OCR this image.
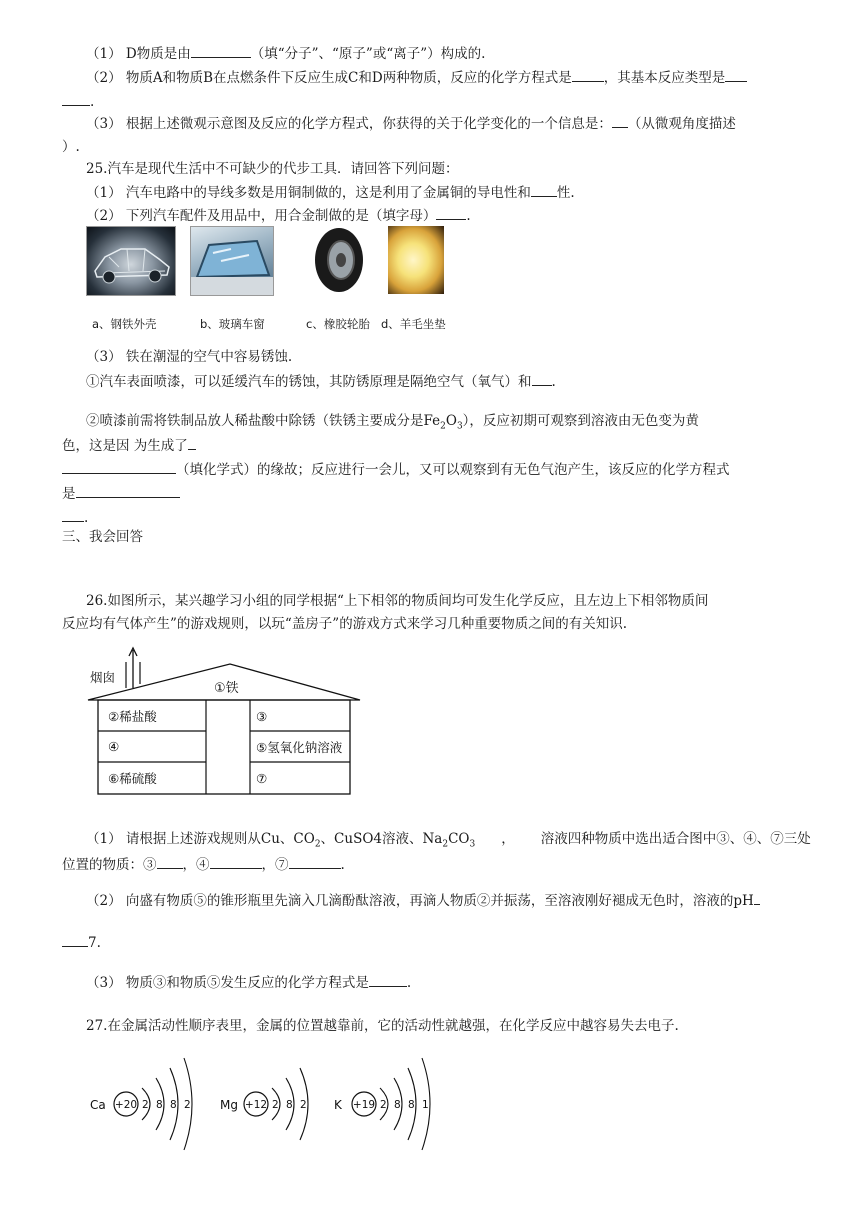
（1） D物质是由	（填“分子”、“原子”或“离子”）构成的.
（2） 物质A和物质B在点燃条件下反应生成C和D两种物质，反应的化学方程式是 ，其基本反应类型是
.
（3） 根据上述微观示意图及反应的化学方程式，你获得的关于化学变化的一个信息是： （从微观角度描述
）.
25.汽车是现代生活中不可缺少的代步工具．请回答下列问题：
（1） 汽车电路中的导线多数是用铜制做的，这是利用了金属铜的导电性和 性.
（2） 下列汽车配件及用品中，用合金制做的是（填字母） .
a、钢铁外壳	b、玻璃车窗	c、橡胶轮胎 d、羊毛坐垫
（3） 铁在潮湿的空气中容易锈蚀.
①汽车表面喷漆，可以延缓汽车的锈蚀，其防锈原理是隔绝空气（氧气）和 .
②喷漆前需将铁制品放人稀盐酸中除锈（铁锈主要成分是$Fe_2O_3$），反应初期可观察到溶液由无色变为黄
色，这是因 为生成了
（填化学式）的缘故；反应进行一会儿，又可以观察到有无色气泡产生，该反应的化学方程式
是
.
三、我会回答
26.如图所示，某兴趣学习小组的同学根据“上下相邻的物质间均可发生化学反应，且左边上下相邻物质间
反应均有气体产生”的游戏规则，以玩“盖房子”的游戏方式来学习几种重要物质之间的有关知识.
①铁
烟囱
②稀盐酸
④
⑥稀硫酸
③
⑤氢氧化钠溶液
⑦
（1） 请根据上述游戏规则从Cu、$CO_2$、CuSO4溶液、$Na_2CO_3$ ， 溶液四种物质中选出适合图中③、④、⑦三处
位置的物质：③ ，④	，⑦	.
（2） 向盛有物质⑤的锥形瓶里先滴入几滴酚酞溶液，再滴人物质②并振荡，至溶液刚好褪成无色时，溶液的pH
7.
（3） 物质③和物质⑤发生反应的化学方程式是	.
27.在金属活动性顺序表里，金属的位置越靠前，它的活动性就越强，在化学反应中越容易失去电子.
Ca +20 2 8 8 2 Mg +12 2 8 2 K +19 2 8 8 1
